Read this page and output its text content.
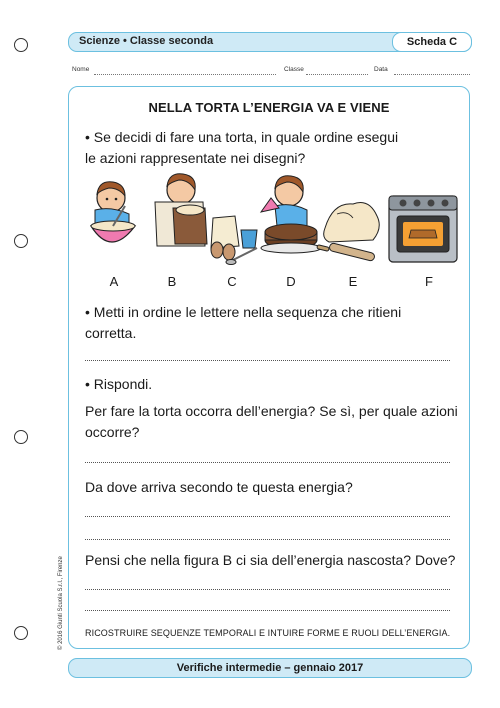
Scienze • Classe seconda	Scheda C
Nome	Classe	Data
© 2016 Giunti Scuola S.r.l., Firenze
NELLA TORTA L’ENERGIA VA E VIENE
• Se decidi di fare una torta, in quale ordine esegui
le azioni rappresentate nei disegni?
A	B	C	D	E	F
• Metti in ordine le lettere nella sequenza che ritieni
corretta.
• Rispondi.
Per fare la torta occorra dell’energia? Se sì, per quale azioni
occorre?
Da dove arriva secondo te questa energia?
Pensi che nella figura B ci sia dell’energia nascosta? Dove?
RICOSTRUIRE SEQUENZE TEMPORALI E INTUIRE FORME E RUOLI DELL’ENERGIA.
Verifiche intermedie – gennaio 2017
